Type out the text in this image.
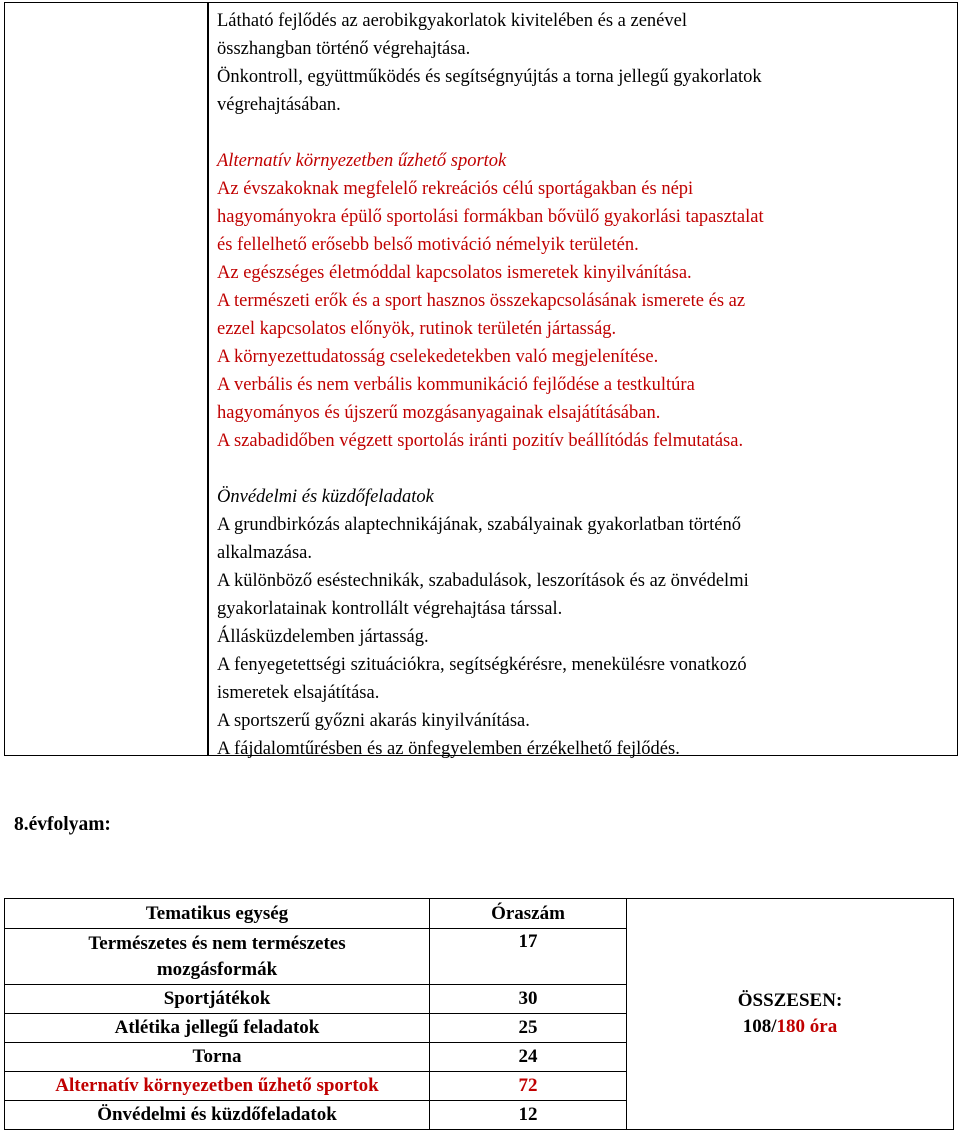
Látható fejlődés az aerobikgyakorlatok kivitelében és a zenével
összhangban történő végrehajtása.
Önkontroll, együttműködés és segítségnyújtás a torna jellegű gyakorlatok
végrehajtásában.
Alternatív környezetben űzhető sportok
Az évszakoknak megfelelő rekreációs célú sportágakban és népi
hagyományokra épülő sportolási formákban bővülő gyakorlási tapasztalat
és fellelhető erősebb belső motiváció némelyik területén.
Az egészséges életmóddal kapcsolatos ismeretek kinyilvánítása.
A természeti erők és a sport hasznos összekapcsolásának ismerete és az
ezzel kapcsolatos előnyök, rutinok területén jártasság.
A környezettudatosság cselekedetekben való megjelenítése.
A verbális és nem verbális kommunikáció fejlődése a testkultúra
hagyományos és újszerű mozgásanyagainak elsajátításában.
A szabadidőben végzett sportolás iránti pozitív beállítódás felmutatása.
Önvédelmi és küzdőfeladatok
A grundbirkózás alaptechnikájának, szabályainak gyakorlatban történő
alkalmazása.
A különböző eséstechnikák, szabadulások, leszorítások és az önvédelmi
gyakorlatainak kontrollált végrehajtása társsal.
Állásküzdelemben jártasság.
A fenyegetettségi szituációkra, segítségkérésre, menekülésre vonatkozó
ismeretek elsajátítása.
A sportszerű győzni akarás kinyilvánítása.
A fájdalomtűrésben és az önfegyelemben érzékelhető fejlődés.
8.évfolyam:
Tematikus egység	Óraszám	ÖSSZESEN:
108/180 óra

Természetes és nem természetes
mozgásformák	17	
Sportjátékok	30	
Atlétika jellegű feladatok	25	
Torna	24	
Alternatív környezetben űzhető sportok	72	
Önvédelmi és küzdőfeladatok	12	
